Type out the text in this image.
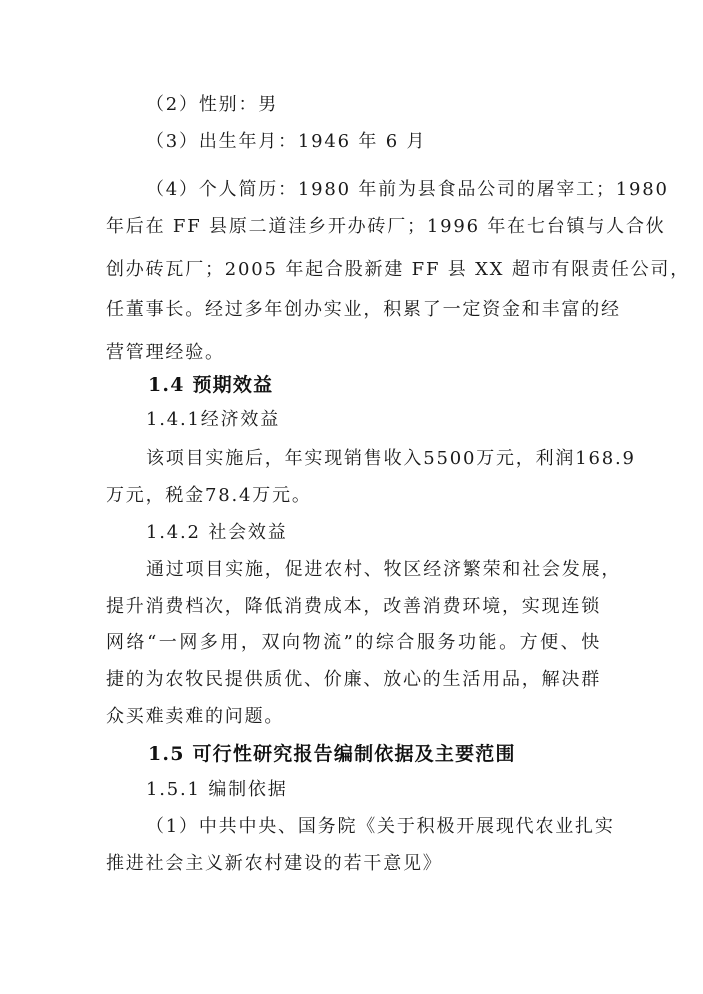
（2）性别：男
（3）出生年月：1946 年 6 月
（4）个人简历：1980 年前为县食品公司的屠宰工；1980
年后在 FF 县原二道洼乡开办砖厂；1996 年在七台镇与人合伙
创办砖瓦厂；2005 年起合股新建 FF 县 XX 超市有限责任公司，
任董事长。经过多年创办实业，积累了一定资金和丰富的经
营管理经验。
1.4 预期效益
1.4.1经济效益
该项目实施后，年实现销售收入5500万元，利润168.9
万元，税金78.4万元。
1.4.2 社会效益
通过项目实施，促进农村、牧区经济繁荣和社会发展，
提升消费档次，降低消费成本，改善消费环境，实现连锁
网络“一网多用，双向物流”的综合服务功能。方便、快
捷的为农牧民提供质优、价廉、放心的生活用品，解决群
众买难卖难的问题。
1.5 可行性研究报告编制依据及主要范围
1.5.1 编制依据
（1）中共中央、国务院《关于积极开展现代农业扎实
推进社会主义新农村建设的若干意见》
